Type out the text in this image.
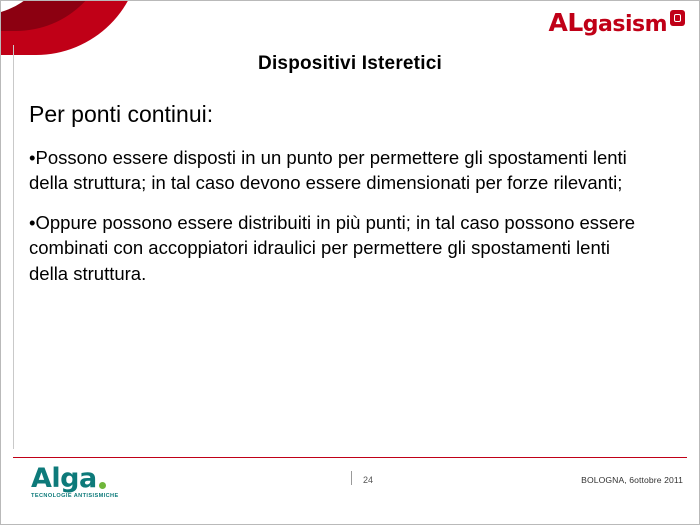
ALgasism
Dispositivi Isteretici

Per ponti continui:

•Possono essere disposti in un punto per permettere gli spostamenti lenti della struttura; in tal caso devono essere dimensionati per forze rilevanti;

•Oppure possono essere distribuiti in più punti; in tal caso possono essere combinati con accoppiatori idraulici per permettere gli spostamenti lenti della struttura.

Alga
TECNOLOGIE ANTISISMICHE
24	BOLOGNA, 6ottobre 2011
